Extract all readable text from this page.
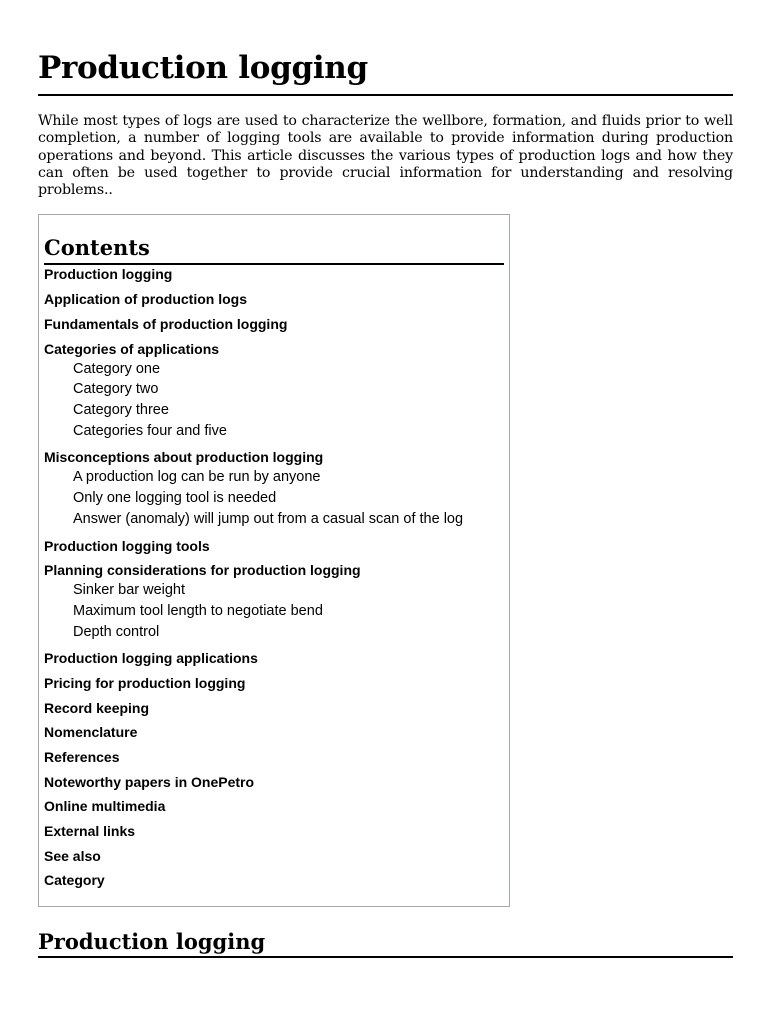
Production logging

While most types of logs are used to characterize the wellbore, formation, and fluids prior to well completion, a number of logging tools are available to provide information during production operations and beyond. This article discusses the various types of production logs and how they can often be used together to provide crucial information for understanding and resolving problems..

Contents
Production logging
Application of production logs
Fundamentals of production logging
Categories of applications
Category one
Category two
Category three
Categories four and five
Misconceptions about production logging
A production log can be run by anyone
Only one logging tool is needed
Answer (anomaly) will jump out from a casual scan of the log
Production logging tools
Planning considerations for production logging
Sinker bar weight
Maximum tool length to negotiate bend
Depth control
Production logging applications
Pricing for production logging
Record keeping
Nomenclature
References
Noteworthy papers in OnePetro
Online multimedia
External links
See also
Category
Production logging
